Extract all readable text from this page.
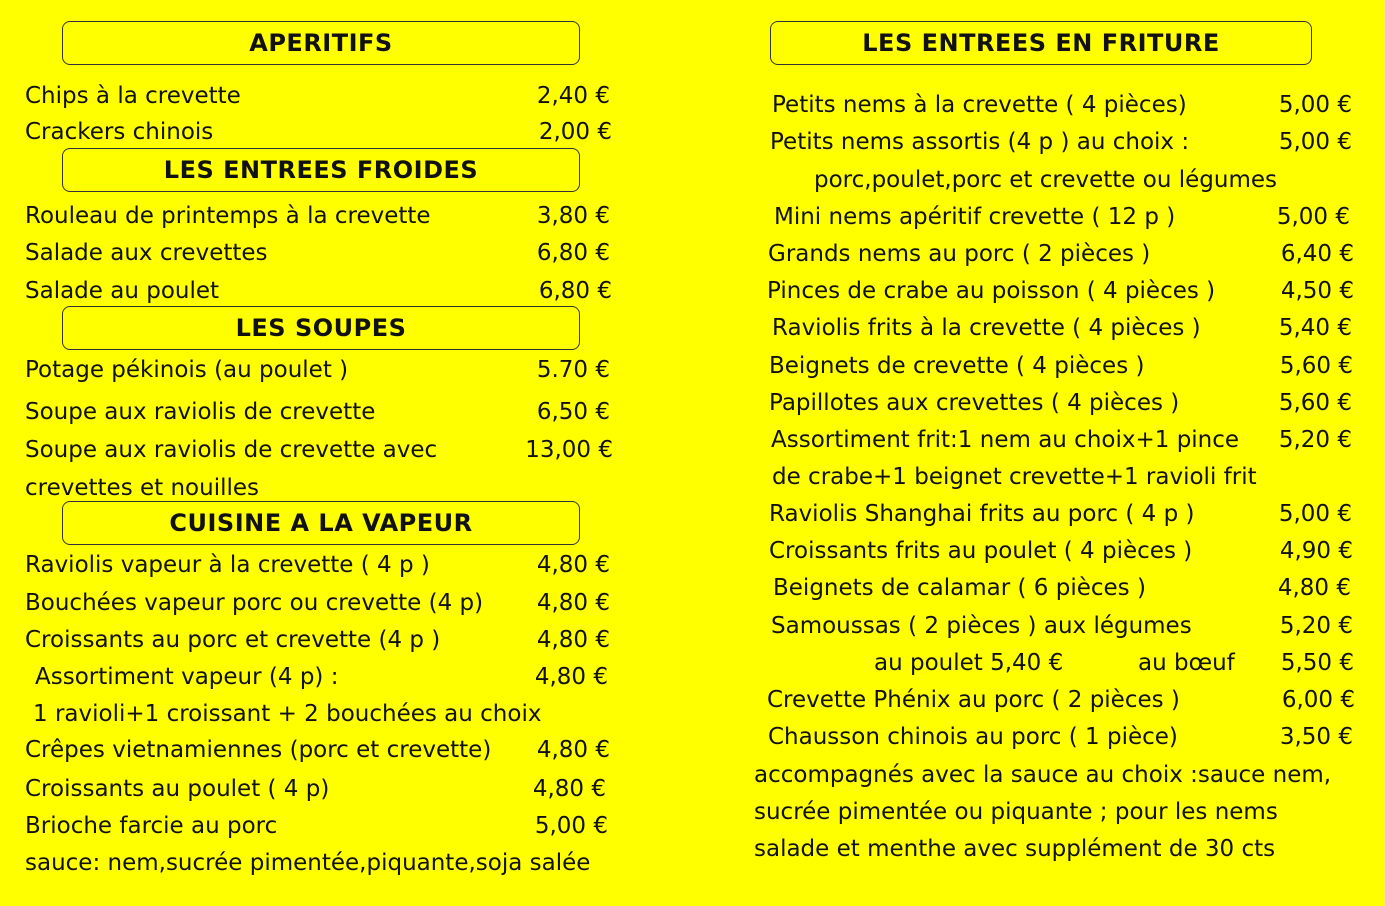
APERITIFS
Chips à la crevette	2,40 €
Crackers chinois	2,00 €
LES ENTREES FROIDES
Rouleau de printemps à la crevette	3,80 €
Salade aux crevettes	6,80 €
Salade au poulet	6,80 €
LES SOUPES
Potage pékinois (au poulet )	5.70 €
Soupe aux raviolis de crevette	6,50 €
Soupe aux raviolis de crevette avec	13,00 €
crevettes et nouilles
CUISINE A LA VAPEUR
Raviolis vapeur à la crevette ( 4 p )	4,80 €
Bouchées vapeur porc ou crevette (4 p)	4,80 €
Croissants au porc et crevette (4 p )	4,80 €
Assortiment vapeur (4 p) :	4,80 €
1 ravioli+1 croissant + 2 bouchées au choix
Crêpes vietnamiennes (porc et crevette)	4,80 €
Croissants au poulet ( 4 p)	4,80 €
Brioche farcie au porc	5,00 €
sauce: nem,sucrée pimentée,piquante,soja salée
LES ENTREES EN FRITURE
Petits nems à la crevette ( 4 pièces)	5,00 €
Petits nems assortis (4 p ) au choix :	5,00 €
porc,poulet,porc et crevette ou légumes
Mini nems apéritif crevette ( 12 p )	5,00 €
Grands nems au porc ( 2 pièces )	6,40 €
Pinces de crabe au poisson ( 4 pièces )	4,50 €
Raviolis frits à la crevette ( 4 pièces )	5,40 €
Beignets de crevette ( 4 pièces )	5,60 €
Papillotes aux crevettes ( 4 pièces )	5,60 €
Assortiment frit:1 nem au choix+1 pince	5,20 €
de crabe+1 beignet crevette+1 ravioli frit
Raviolis Shanghai frits au porc ( 4 p )	5,00 €
Croissants frits au poulet ( 4 pièces )	4,90 €
Beignets de calamar ( 6 pièces )	4,80 €
Samoussas ( 2 pièces ) aux légumes	5,20 €
au poulet 5,40 €	au bœuf	5,50 €
Crevette Phénix au porc ( 2 pièces )	6,00 €
Chausson chinois au porc ( 1 pièce)	3,50 €
accompagnés avec la sauce au choix :sauce nem,
sucrée pimentée ou piquante ; pour les nems
salade et menthe avec supplément de 30 cts
